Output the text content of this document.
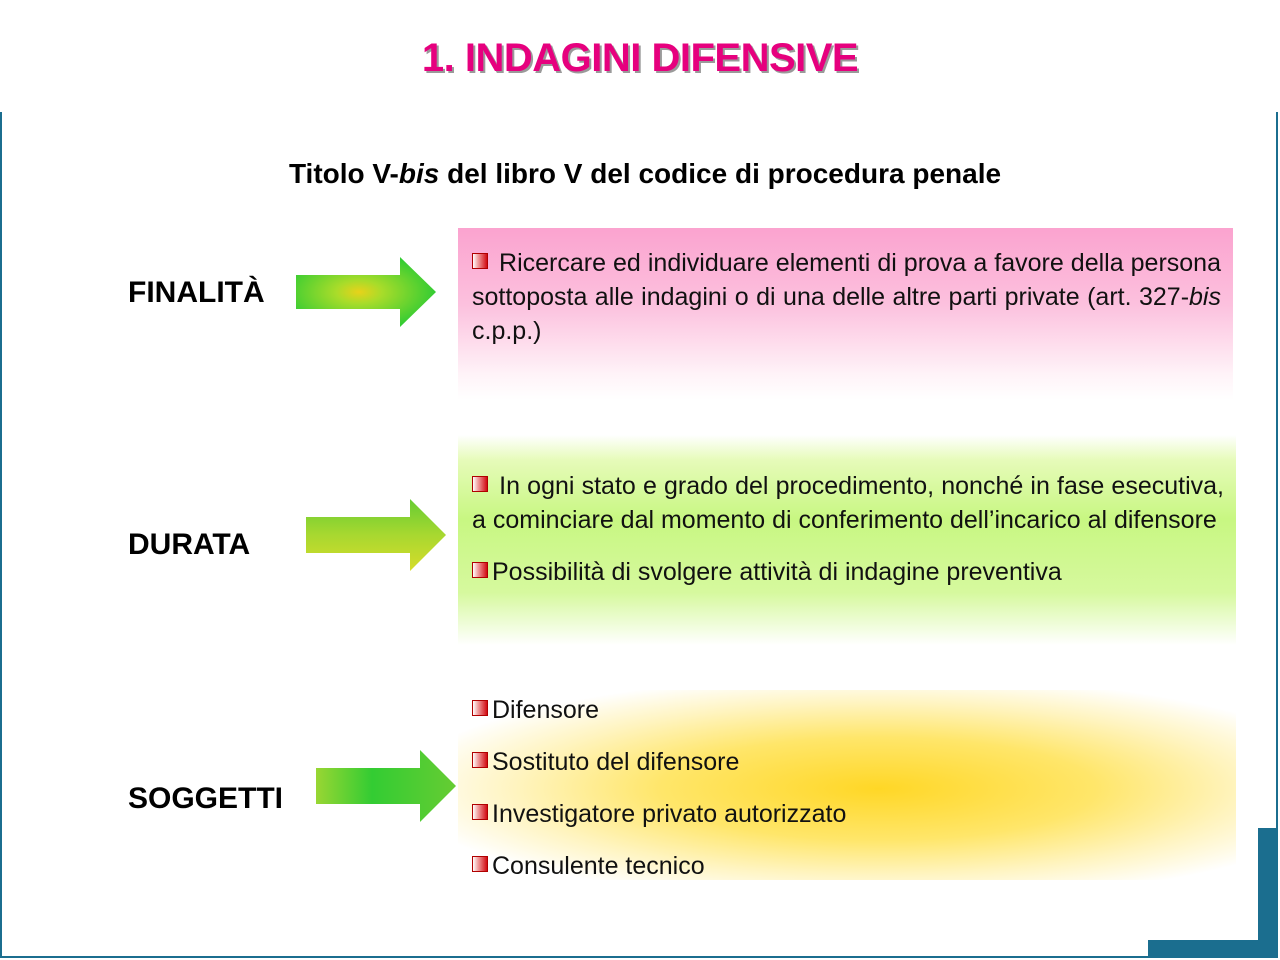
1. INDAGINI DIFENSIVE
Titolo V-bis del libro V del codice di procedura penale
FINALITÀ
Ricercare ed individuare elementi di prova a favore della persona sottoposta alle indagini o di una delle altre parti private (art. 327-bis c.p.p.)
DURATA
In ogni stato e grado del procedimento, nonché in fase esecutiva, a cominciare dal momento di conferimento dell’incarico al difensore
Possibilità di svolgere attività di indagine preventiva
SOGGETTI
Difensore
Sostituto del difensore
Investigatore privato autorizzato
Consulente tecnico
